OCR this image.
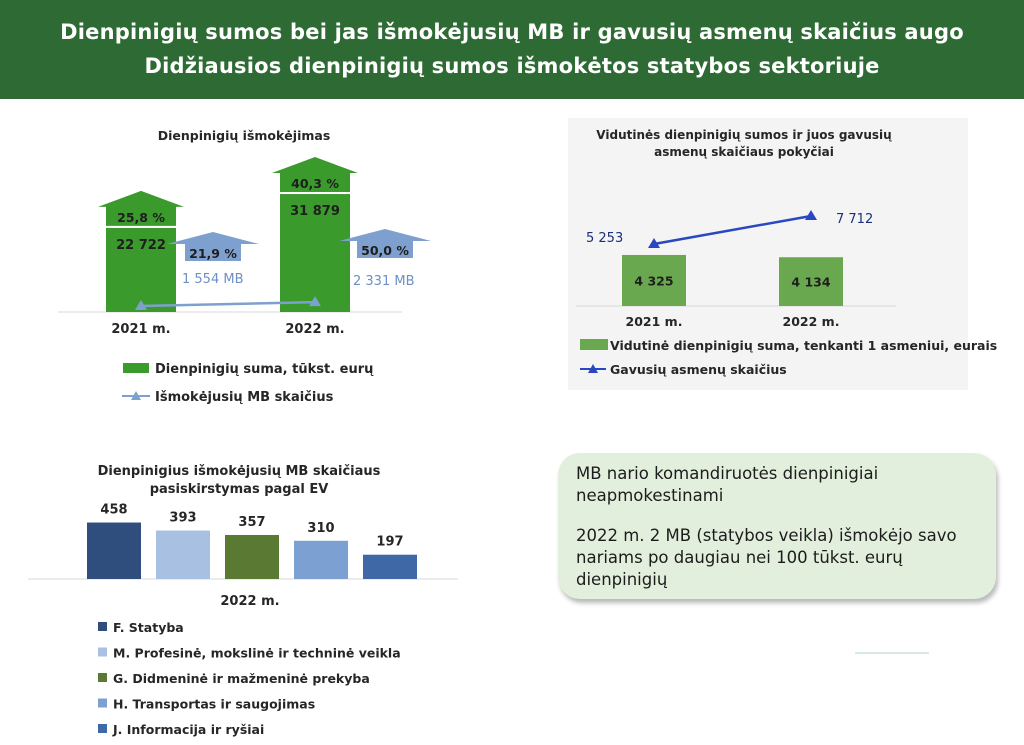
Dienpinigių sumos bei jas išmokėjusių MB ir gavusių asmenų skaičius augo
Didžiausios dienpinigių sumos išmokėtos statybos sektoriuje
Dienpinigių išmokėjimas
22 722
25,8 %	31 879
40,3 %
1 554 MB	2 331 MB
21,9 %	50,0 %
2021 m.	2022 m.
Dienpinigių suma, tūkst. eurų
Išmokėjusių MB skaičius
Vidutinės dienpinigių sumos ir juos gavusių asmenų skaičiaus pokyčiai
4 325	4 134
5 253
7 712
2021 m.	2022 m.
Vidutinė dienpinigių suma, tenkanti 1 asmeniui, eurais
Gavusių asmenų skaičius
Dienpinigius išmokėjusių MB skaičiaus pasiskirstymas pagal EV
458
F. Statyba
393
M. Profesinė, mokslinė ir techninė veikla
357
G. Didmeninė ir mažmeninė prekyba
310
H. Transportas ir saugojimas
197
J. Informacija ir ryšiai
2022 m.

MB nario komandiruotės dienpinigiai neapmokestinami

2022 m. 2 MB (statybos veikla) išmokėjo savo nariams po daugiau nei 100 tūkst. eurų dienpinigių
